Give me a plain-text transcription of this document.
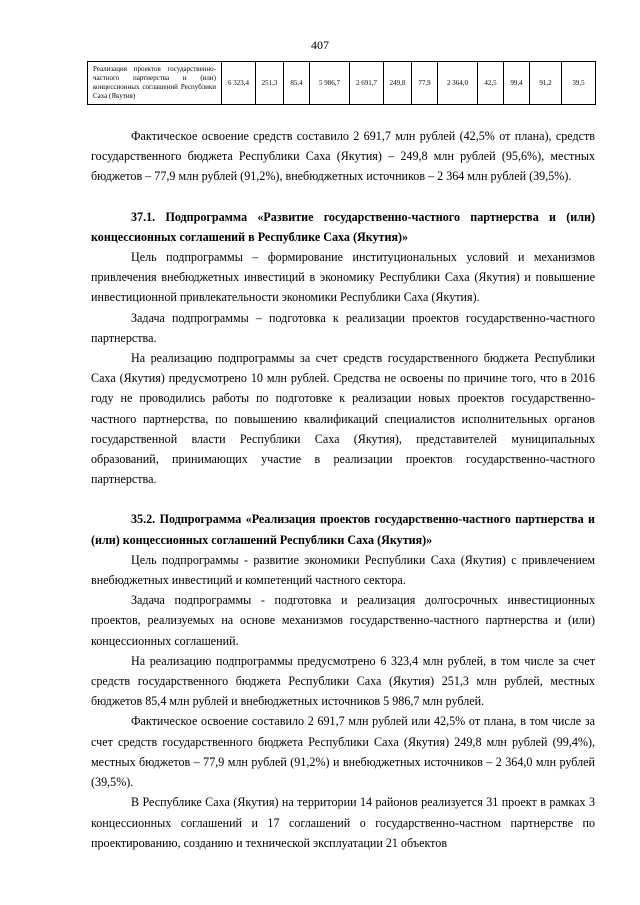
407
Реализация проектов государственно-частного партнерства и (или) концессионных соглашений Республики Саха (Якутия)	6 323,4	251,3	85,4	5 986,7	2 691,7	249,8	77,9	2 364,0	42,5	99,4	91,2	39,5

Фактическое освоение средств составило 2 691,7 млн рублей (42,5% от плана), средств государственного бюджета Республики Саха (Якутия) – 249,8 млн рублей (95,6%), местных бюджетов – 77,9 млн рублей (91,2%), внебюджетных источников – 2 364 млн рублей (39,5%).

37.1. Подпрограмма «Развитие государственно-частного партнерства и (или) концессионных соглашений в Республике Саха (Якутия)»

Цель подпрограммы – формирование институциональных условий и механизмов привлечения внебюджетных инвестиций в экономику Республики Саха (Якутия) и повышение инвестиционной привлекательности экономики Республики Саха (Якутия).

Задача подпрограммы – подготовка к реализации проектов государственно-частного партнерства.

На реализацию подпрограммы за счет средств государственного бюджета Республики Саха (Якутия) предусмотрено 10 млн рублей. Средства не освоены по причине того, что в 2016 году не проводились работы по подготовке к реализации новых проектов государственно-частного партнерства, по повышению квалификаций специалистов исполнительных органов государственной власти Республики Саха (Якутия), представителей муниципальных образований, принимающих участие в реализации проектов государственно-частного партнерства.

35.2. Подпрограмма «Реализация проектов государственно-частного партнерства и (или) концессионных соглашений Республики Саха (Якутия)»

Цель подпрограммы - развитие экономики Республики Саха (Якутия) с привлечением внебюджетных инвестиций и компетенций частного сектора.

Задача подпрограммы - подготовка и реализация долгосрочных инвестиционных проектов, реализуемых на основе механизмов государственно-частного партнерства и (или) концессионных соглашений.

На реализацию подпрограммы предусмотрено 6 323,4 млн рублей, в том числе за счет средств государственного бюджета Республики Саха (Якутия) 251,3 млн рублей, местных бюджетов 85,4 млн рублей и внебюджетных источников 5 986,7 млн рублей.

Фактическое освоение составило 2 691,7 млн рублей или 42,5% от плана, в том числе за счет средств государственного бюджета Республики Саха (Якутия) 249,8 млн рублей (99,4%), местных бюджетов – 77,9 млн рублей (91,2%) и внебюджетных источников – 2 364,0 млн рублей (39,5%).

В Республике Саха (Якутия) на территории 14 районов реализуется 31 проект в рамках 3 концессионных соглашений и 17 соглашений о государственно-частном партнерстве по проектированию, созданию и технической эксплуатации 21 объектов
